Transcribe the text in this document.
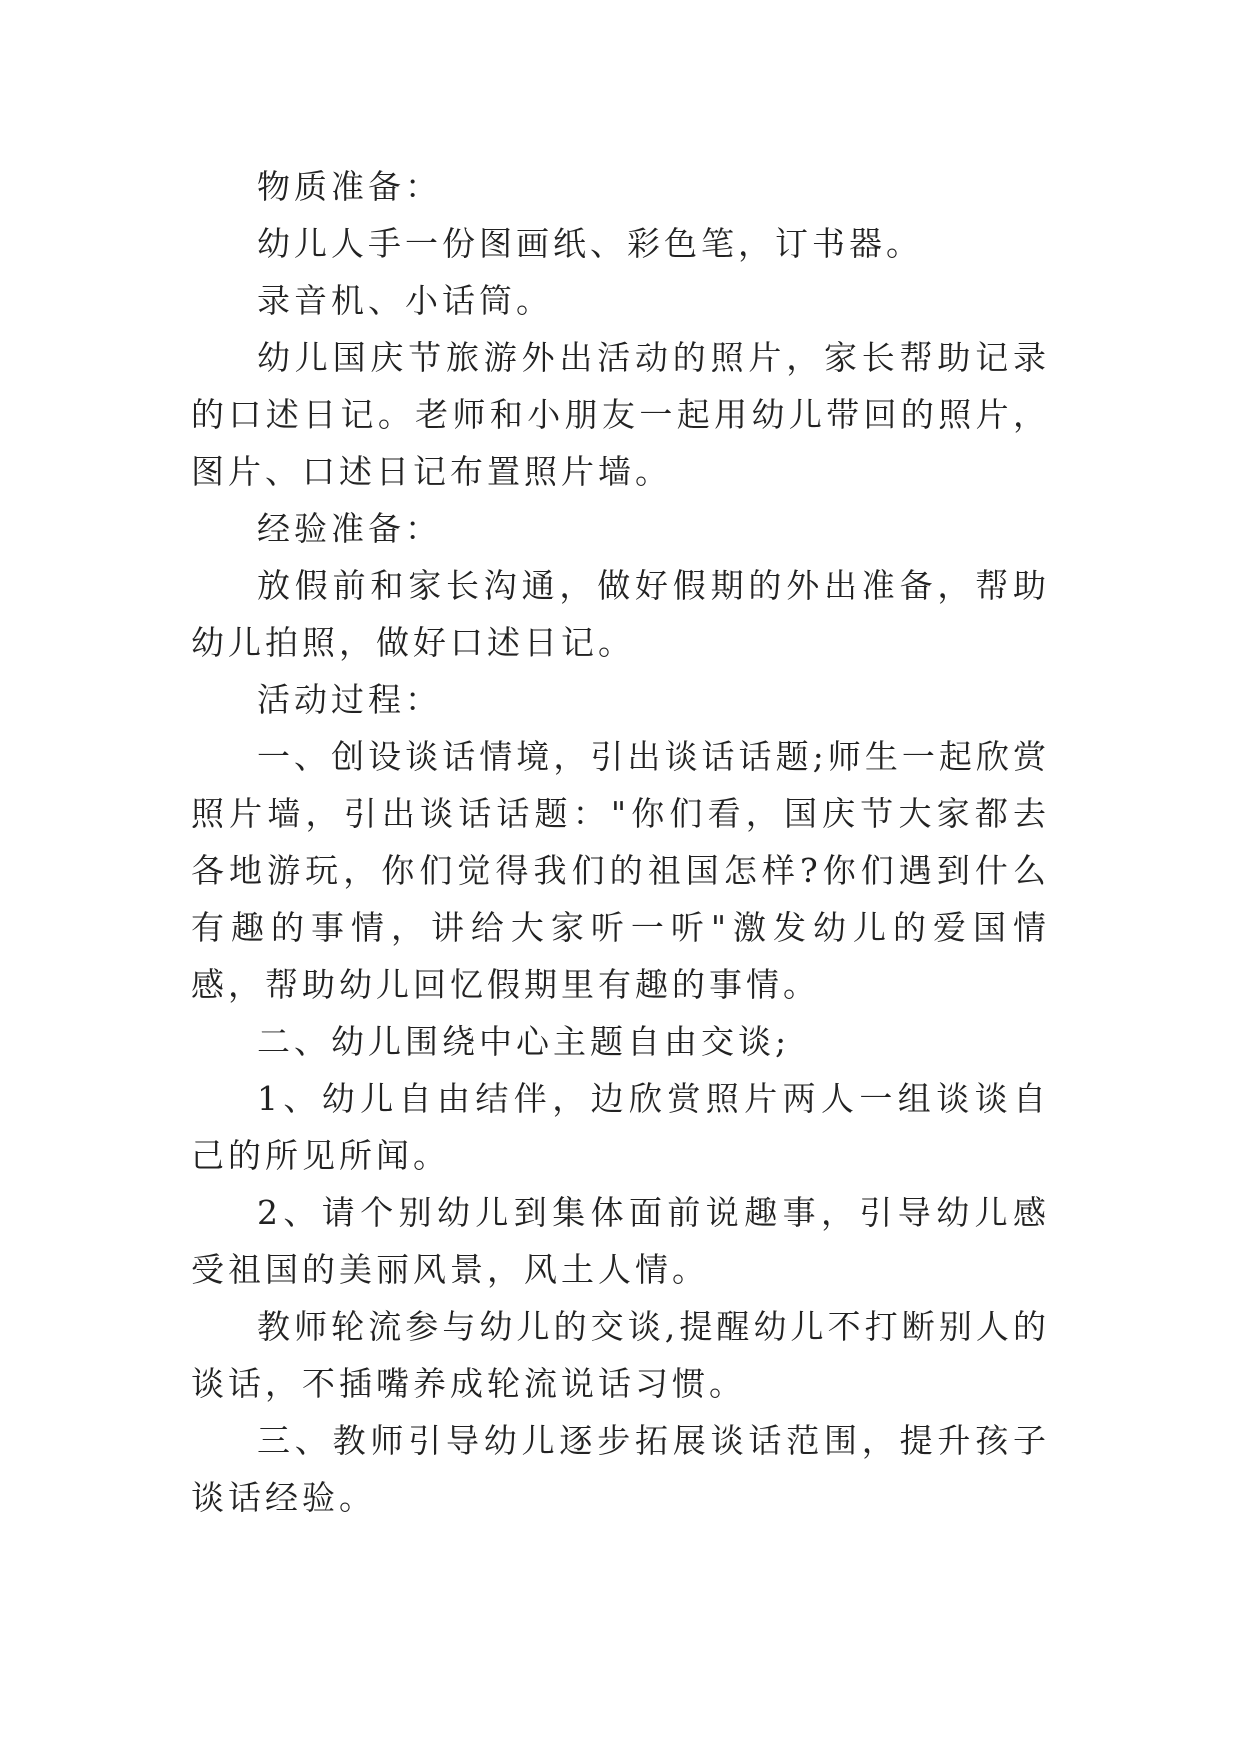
物质准备：

幼儿人手一份图画纸、彩色笔，订书器。

录音机、小话筒。

幼儿国庆节旅游外出活动的照片，家长帮助记录的口述日记。老师和小朋友一起用幼儿带回的照片，图片、口述日记布置照片墙。

经验准备：

放假前和家长沟通，做好假期的外出准备，帮助幼儿拍照，做好口述日记。

活动过程：

一、创设谈话情境，引出谈话话题;师生一起欣赏照片墙，引出谈话话题："你们看，国庆节大家都去各地游玩，你们觉得我们的祖国怎样?你们遇到什么有趣的事情，讲给大家听一听"激发幼儿的爱国情感，帮助幼儿回忆假期里有趣的事情。

二、幼儿围绕中心主题自由交谈;

1、幼儿自由结伴，边欣赏照片两人一组谈谈自己的所见所闻。

2、请个别幼儿到集体面前说趣事，引导幼儿感受祖国的美丽风景，风土人情。

教师轮流参与幼儿的交谈,提醒幼儿不打断别人的谈话，不插嘴养成轮流说话习惯。

三、教师引导幼儿逐步拓展谈话范围，提升孩子谈话经验。
